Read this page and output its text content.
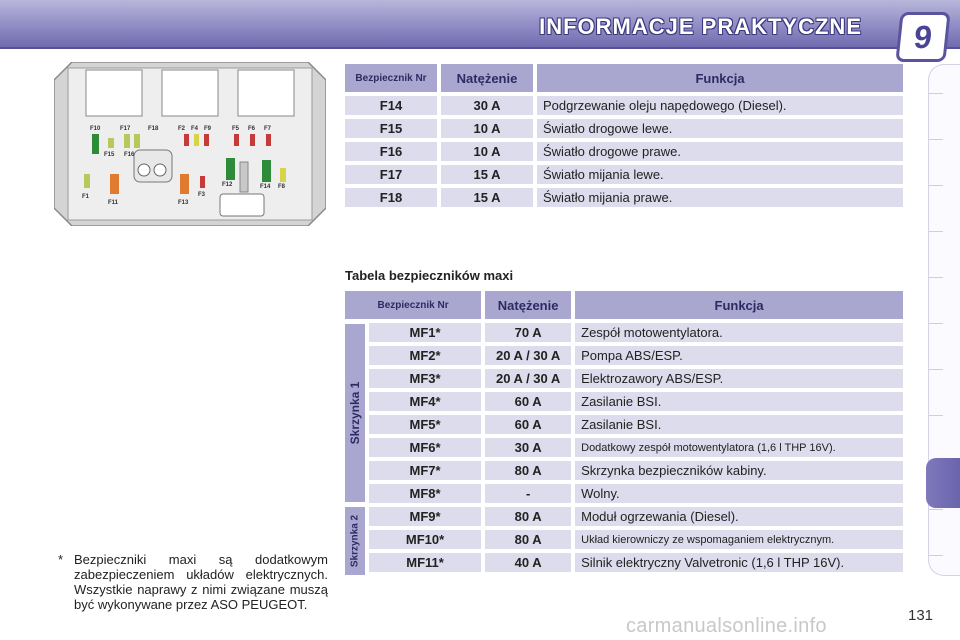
INFORMACJE PRAKTYCZNE	9
F10	F17	F18	F2 F4 F9	F5 F6 F7
F15 F16
F1
F11	F13
F3
F12	F14 F8
Bezpiecznik Nr		Natężenie		Funkcja
F14		30 A		Podgrzewanie oleju napędowego (Diesel).
F15		10 A		Światło drogowe lewe.
F16		10 A		Światło drogowe prawe.
F17		15 A		Światło mijania lewe.
F18		15 A		Światło mijania prawe.
Tabela bezpieczników maxi
Skrzynka 1
Skrzynka 2
Bezpiecznik Nr				Natężenie		Funkcja
		MF1*		70 A		Zespół motowentylatora.
		MF2*		20 A / 30 A		Pompa ABS/ESP.
		MF3*		20 A / 30 A		Elektrozawory ABS/ESP.
		MF4*		60 A		Zasilanie BSI.
		MF5*		60 A		Zasilanie BSI.
		MF6*		30 A		Dodatkowy zespół motowentylatora (1,6 l THP 16V).
		MF7*		80 A		Skrzynka bezpieczników kabiny.
		MF8*		-		Wolny.
		MF9*		80 A		Moduł ogrzewania (Diesel).
		MF10*		80 A		Układ kierowniczy ze wspomaganiem elektrycznym.
		MF11*		40 A		Silnik elektryczny Valvetronic (1,6 l THP 16V).
* Bezpieczniki maxi są dodatkowym zabezpieczeniem układów elektrycznych. Wszystkie naprawy z nimi związane muszą być wykonywane przez ASO PEUGEOT.
carmanualsonline.info	131
